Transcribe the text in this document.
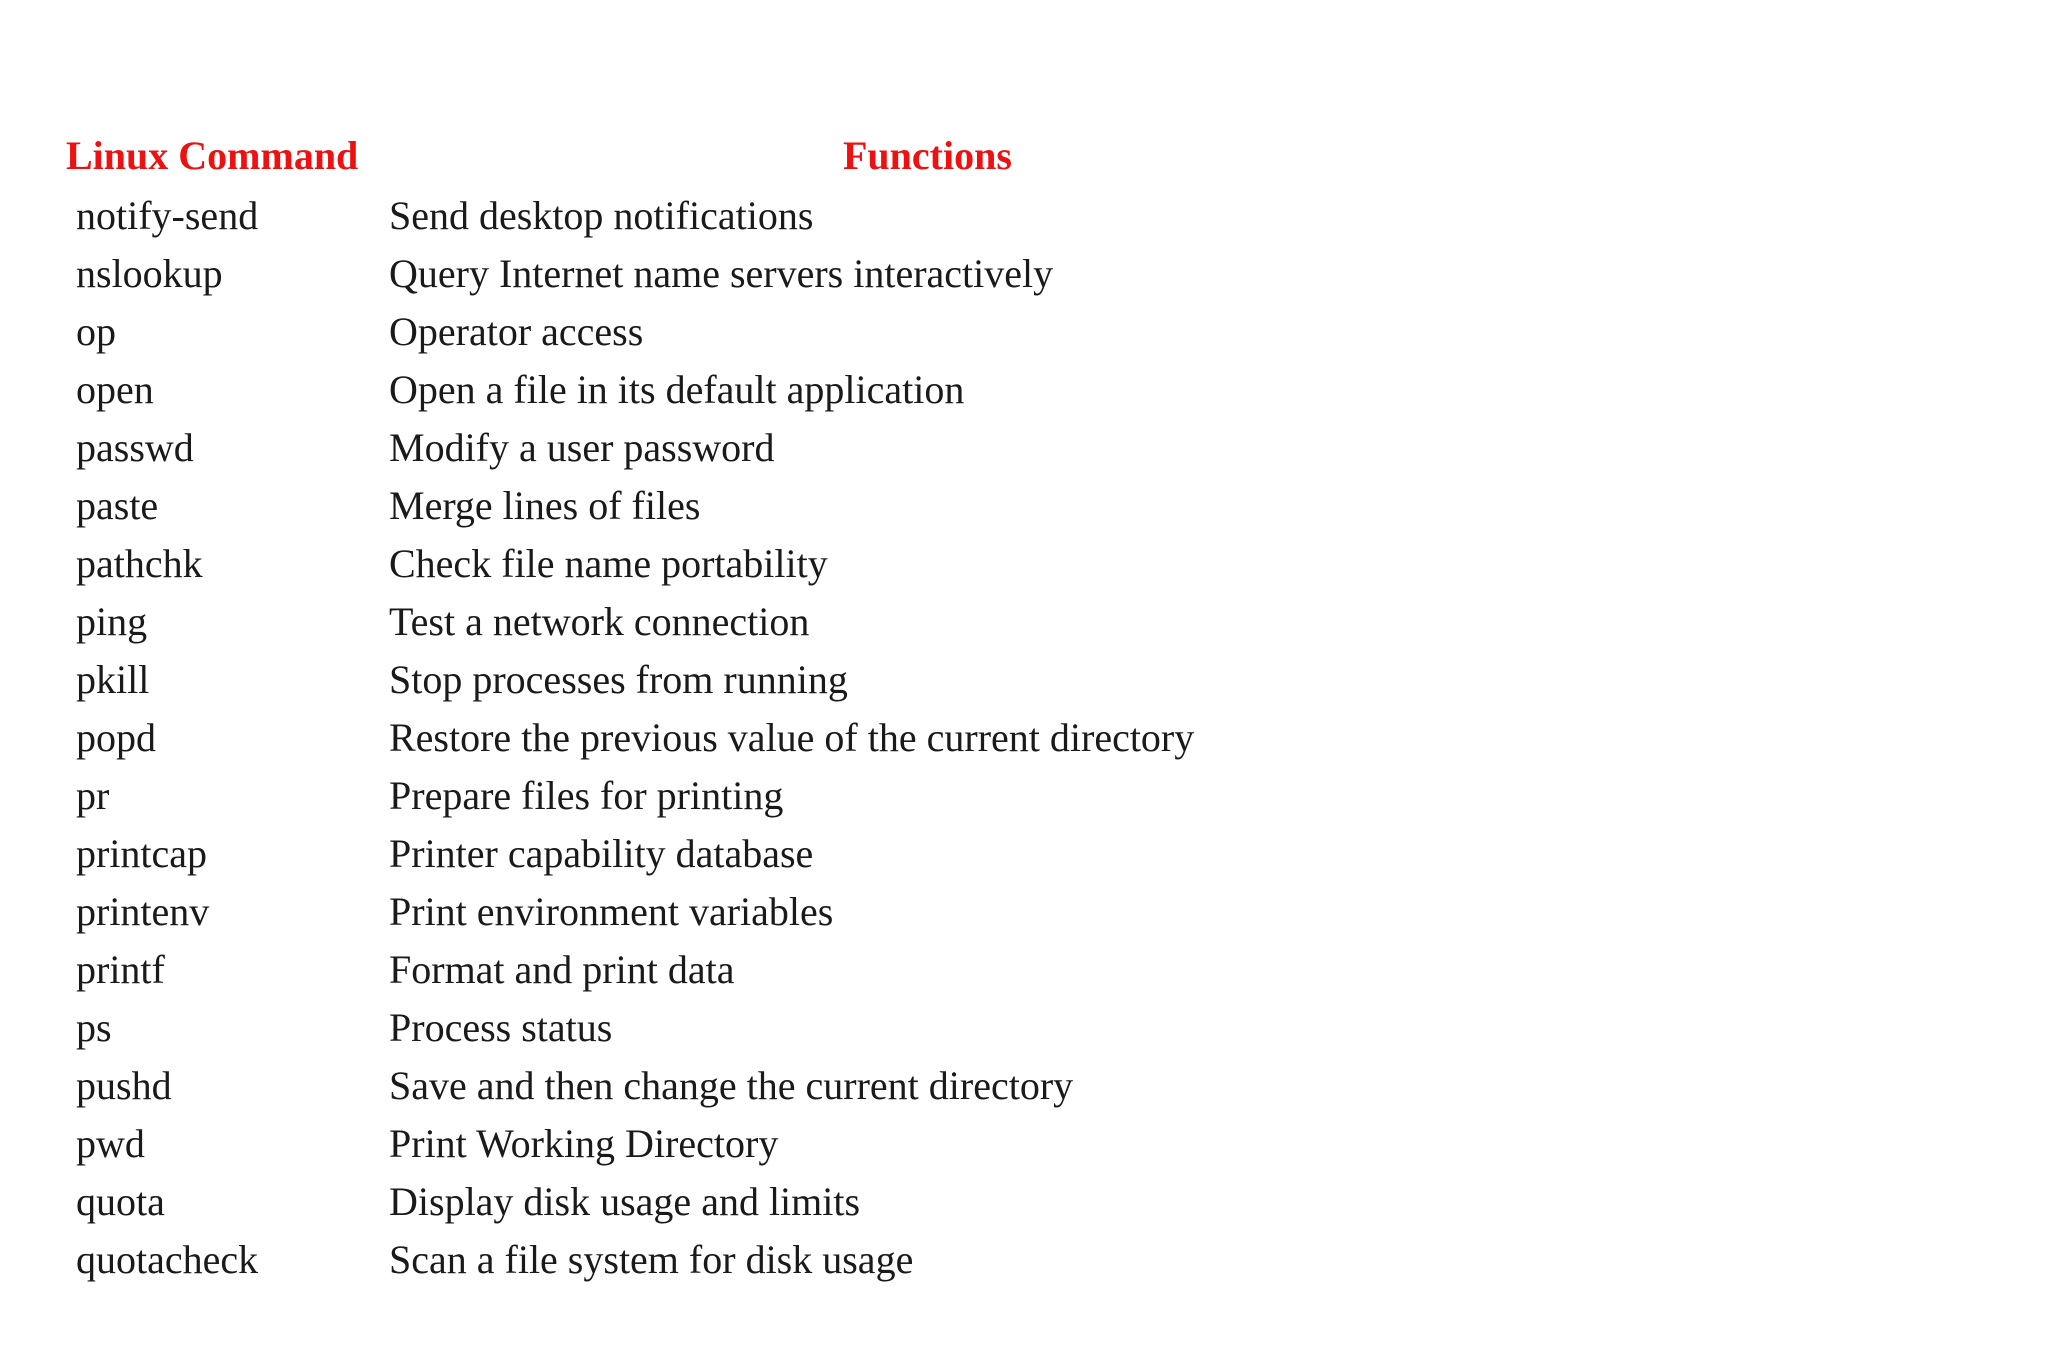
Linux Command	Functions
notify-send	Send desktop notifications
nslookup	Query Internet name servers interactively
op	Operator access
open	Open a file in its default application
passwd	Modify a user password
paste	Merge lines of files
pathchk	Check file name portability
ping	Test a network connection
pkill	Stop processes from running
popd	Restore the previous value of the current directory
pr	Prepare files for printing
printcap	Printer capability database
printenv	Print environment variables
printf	Format and print data
ps	Process status
pushd	Save and then change the current directory
pwd	Print Working Directory
quota	Display disk usage and limits
quotacheck	Scan a file system for disk usage
